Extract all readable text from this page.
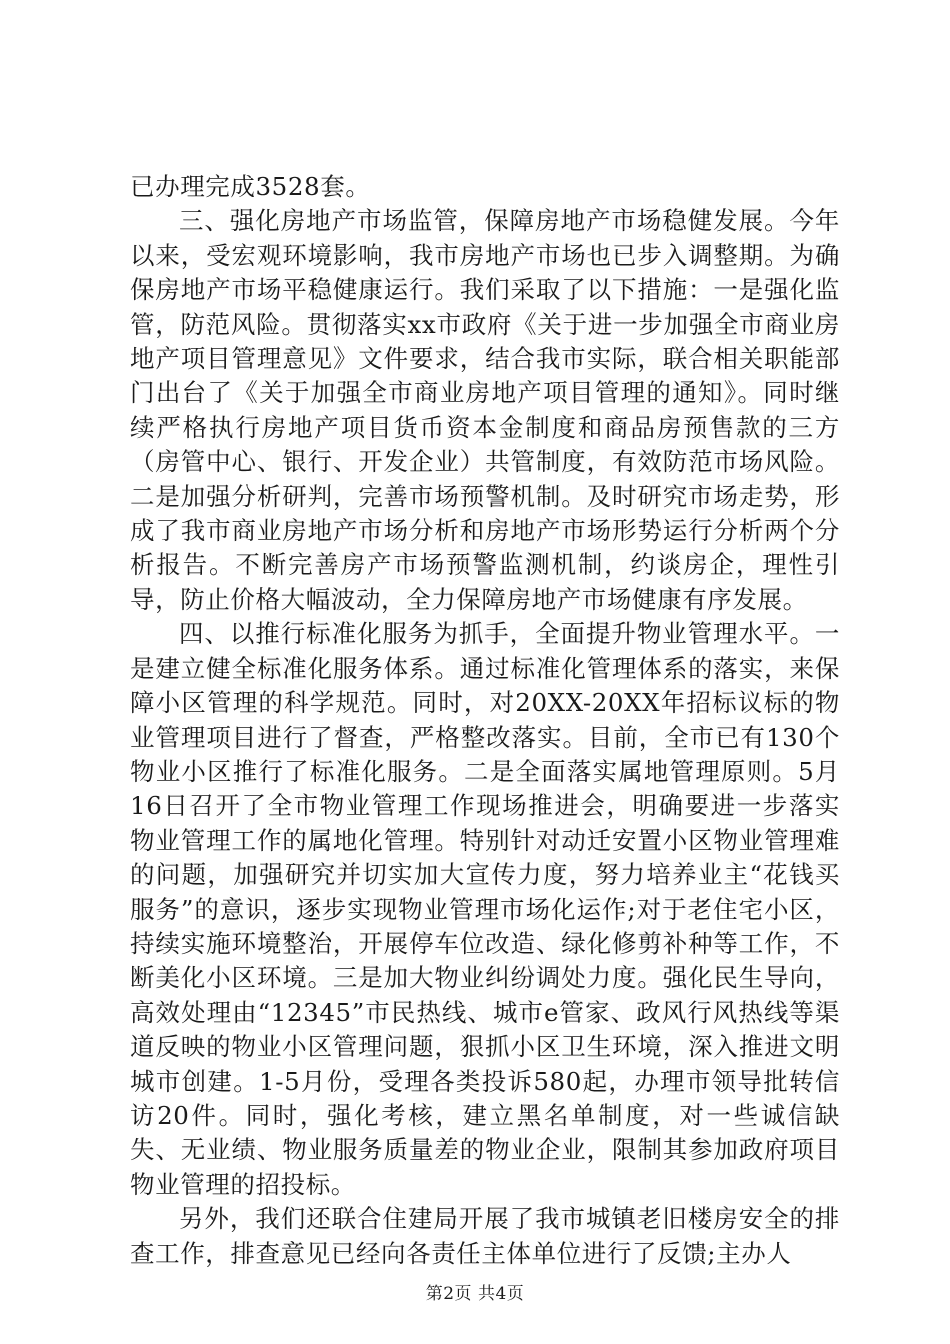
已办理完成3528套。

三、强化房地产市场监管，保障房地产市场稳健发展。今年以来，受宏观环境影响，我市房地产市场也已步入调整期。为确保房地产市场平稳健康运行。我们采取了以下措施：一是强化监管，防范风险。贯彻落实xx市政府《关于进一步加强全市商业房地产项目管理意见》文件要求，结合我市实际，联合相关职能部门出台了《关于加强全市商业房地产项目管理的通知》。同时继续严格执行房地产项目货币资本金制度和商品房预售款的三方（房管中心、银行、开发企业）共管制度，有效防范市场风险。二是加强分析研判，完善市场预警机制。及时研究市场走势，形成了我市商业房地产市场分析和房地产市场形势运行分析两个分析报告。不断完善房产市场预警监测机制，约谈房企，理性引导，防止价格大幅波动，全力保障房地产市场健康有序发展。

四、以推行标准化服务为抓手，全面提升物业管理水平。一是建立健全标准化服务体系。通过标准化管理体系的落实，来保障小区管理的科学规范。同时，对20XX-20XX年招标议标的物业管理项目进行了督查，严格整改落实。目前，全市已有130个物业小区推行了标准化服务。二是全面落实属地管理原则。5月16日召开了全市物业管理工作现场推进会，明确要进一步落实物业管理工作的属地化管理。特别针对动迁安置小区物业管理难的问题，加强研究并切实加大宣传力度，努力培养业主“花钱买服务”的意识，逐步实现物业管理市场化运作;对于老住宅小区，持续实施环境整治，开展停车位改造、绿化修剪补种等工作，不断美化小区环境。三是加大物业纠纷调处力度。强化民生导向，高效处理由“12345”市民热线、城市e管家、政风行风热线等渠道反映的物业小区管理问题，狠抓小区卫生环境，深入推进文明城市创建。1-5月份，受理各类投诉580起，办理市领导批转信访20件。同时，强化考核，建立黑名单制度，对一些诚信缺失、无业绩、物业服务质量差的物业企业，限制其参加政府项目物业管理的招投标。

另外，我们还联合住建局开展了我市城镇老旧楼房安全的排查工作，排查意见已经向各责任主体单位进行了反馈;主办人

第2页 共4页
